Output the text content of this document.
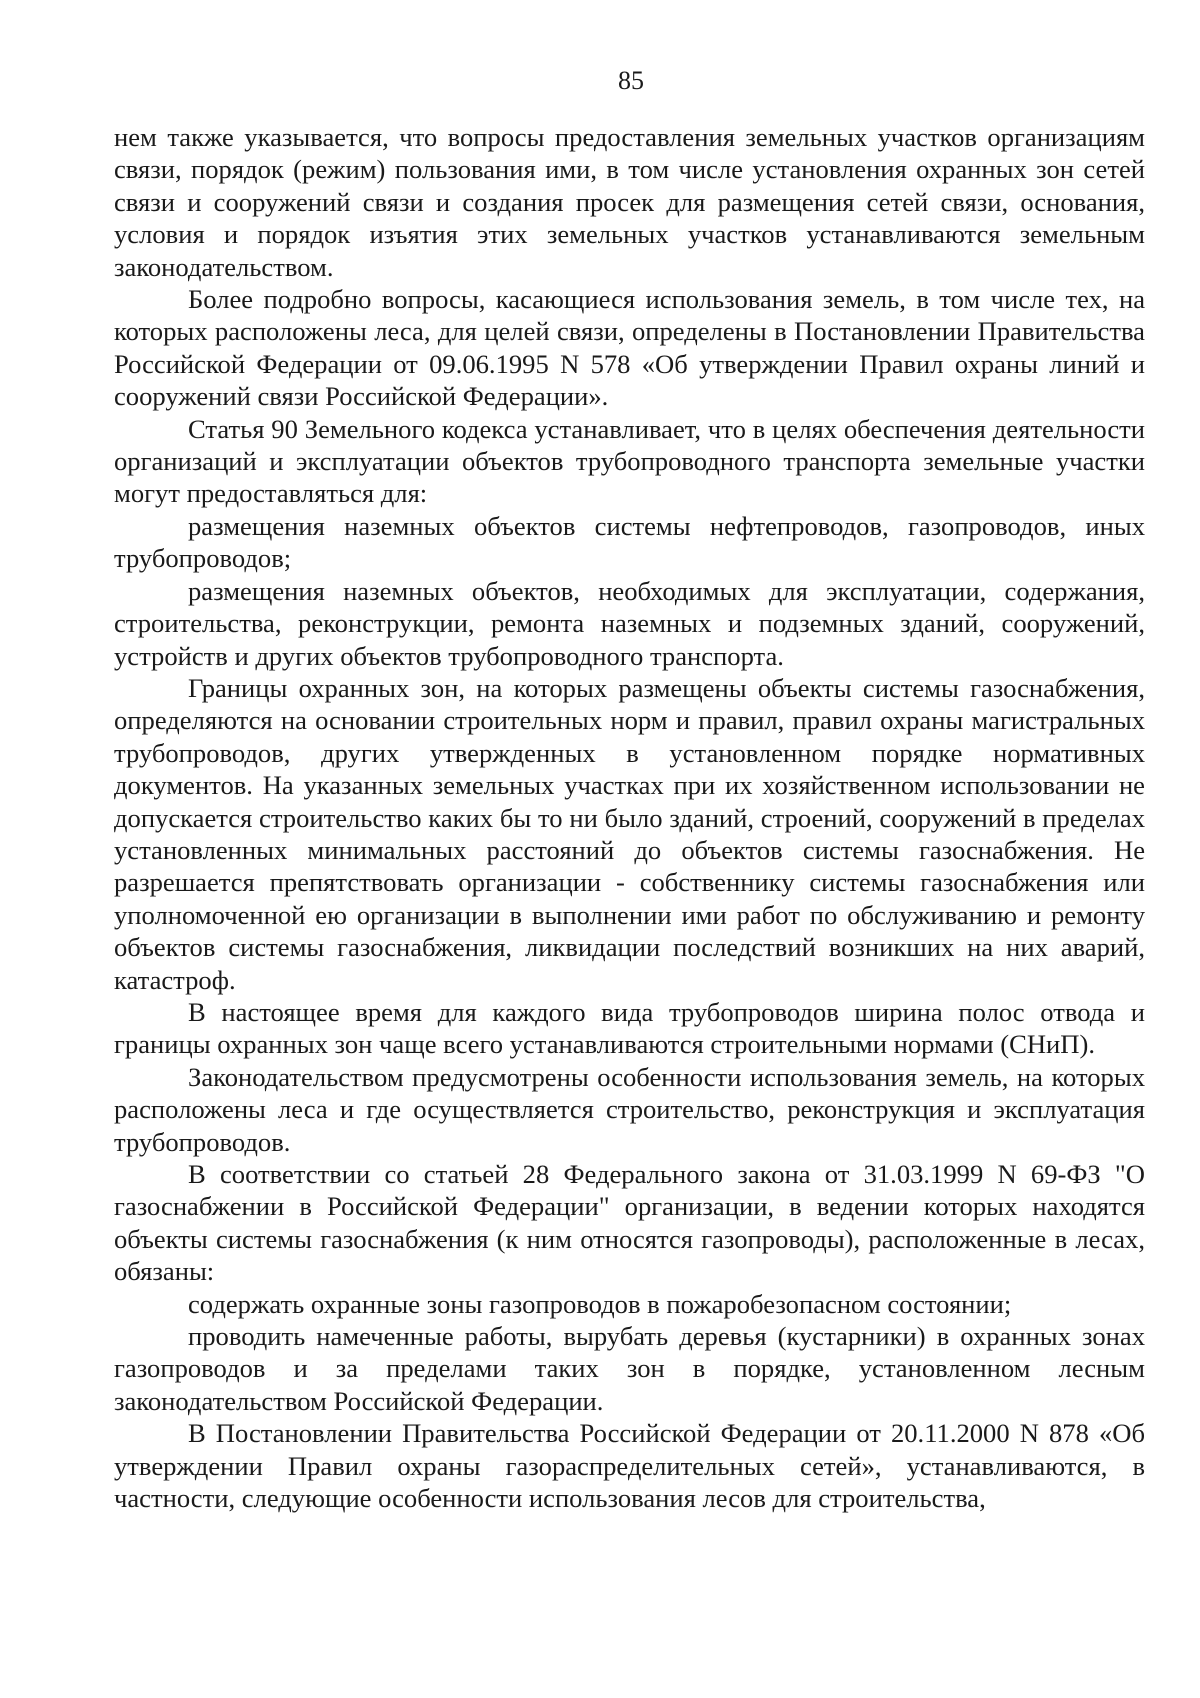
85

нем также указывается, что вопросы предоставления земельных участков организациям связи, порядок (режим) пользования ими, в том числе установления охранных зон сетей связи и сооружений связи и создания просек для размещения сетей связи, основания, условия и порядок изъятия этих земельных участков устанавливаются земельным законодательством.

Более подробно вопросы, касающиеся использования земель, в том числе тех, на которых расположены леса, для целей связи, определены в Постановлении Правительства Российской Федерации от 09.06.1995 N 578 «Об утверждении Правил охраны линий и сооружений связи Российской Федерации».

Статья 90 Земельного кодекса устанавливает, что в целях обеспечения деятельности организаций и эксплуатации объектов трубопроводного транспорта земельные участки могут предоставляться для:

размещения наземных объектов системы нефтепроводов, газопроводов, иных трубопроводов;

размещения наземных объектов, необходимых для эксплуатации, содержания, строительства, реконструкции, ремонта наземных и подземных зданий, сооружений, устройств и других объектов трубопроводного транспорта.

Границы охранных зон, на которых размещены объекты системы газоснабжения, определяются на основании строительных норм и правил, правил охраны магистральных трубопроводов, других утвержденных в установленном порядке нормативных документов. На указанных земельных участках при их хозяйственном использовании не допускается строительство каких бы то ни было зданий, строений, сооружений в пределах установленных минимальных расстояний до объектов системы газоснабжения. Не разрешается препятствовать организации - собственнику системы газоснабжения или уполномоченной ею организации в выполнении ими работ по обслуживанию и ремонту объектов системы газоснабжения, ликвидации последствий возникших на них аварий, катастроф.

В настоящее время для каждого вида трубопроводов ширина полос отвода и границы охранных зон чаще всего устанавливаются строительными нормами (СНиП).

Законодательством предусмотрены особенности использования земель, на которых расположены леса и где осуществляется строительство, реконструкция и эксплуатация трубопроводов.

В соответствии со статьей 28 Федерального закона от 31.03.1999 N 69-ФЗ "О газоснабжении в Российской Федерации" организации, в ведении которых находятся объекты системы газоснабжения (к ним относятся газопроводы), расположенные в лесах, обязаны:

содержать охранные зоны газопроводов в пожаробезопасном состоянии;

проводить намеченные работы, вырубать деревья (кустарники) в охранных зонах газопроводов и за пределами таких зон в порядке, установленном лесным законодательством Российской Федерации.

В Постановлении Правительства Российской Федерации от 20.11.2000 N 878 «Об утверждении Правил охраны газораспределительных сетей», устанавливаются, в частности, следующие особенности использования лесов для строительства,
